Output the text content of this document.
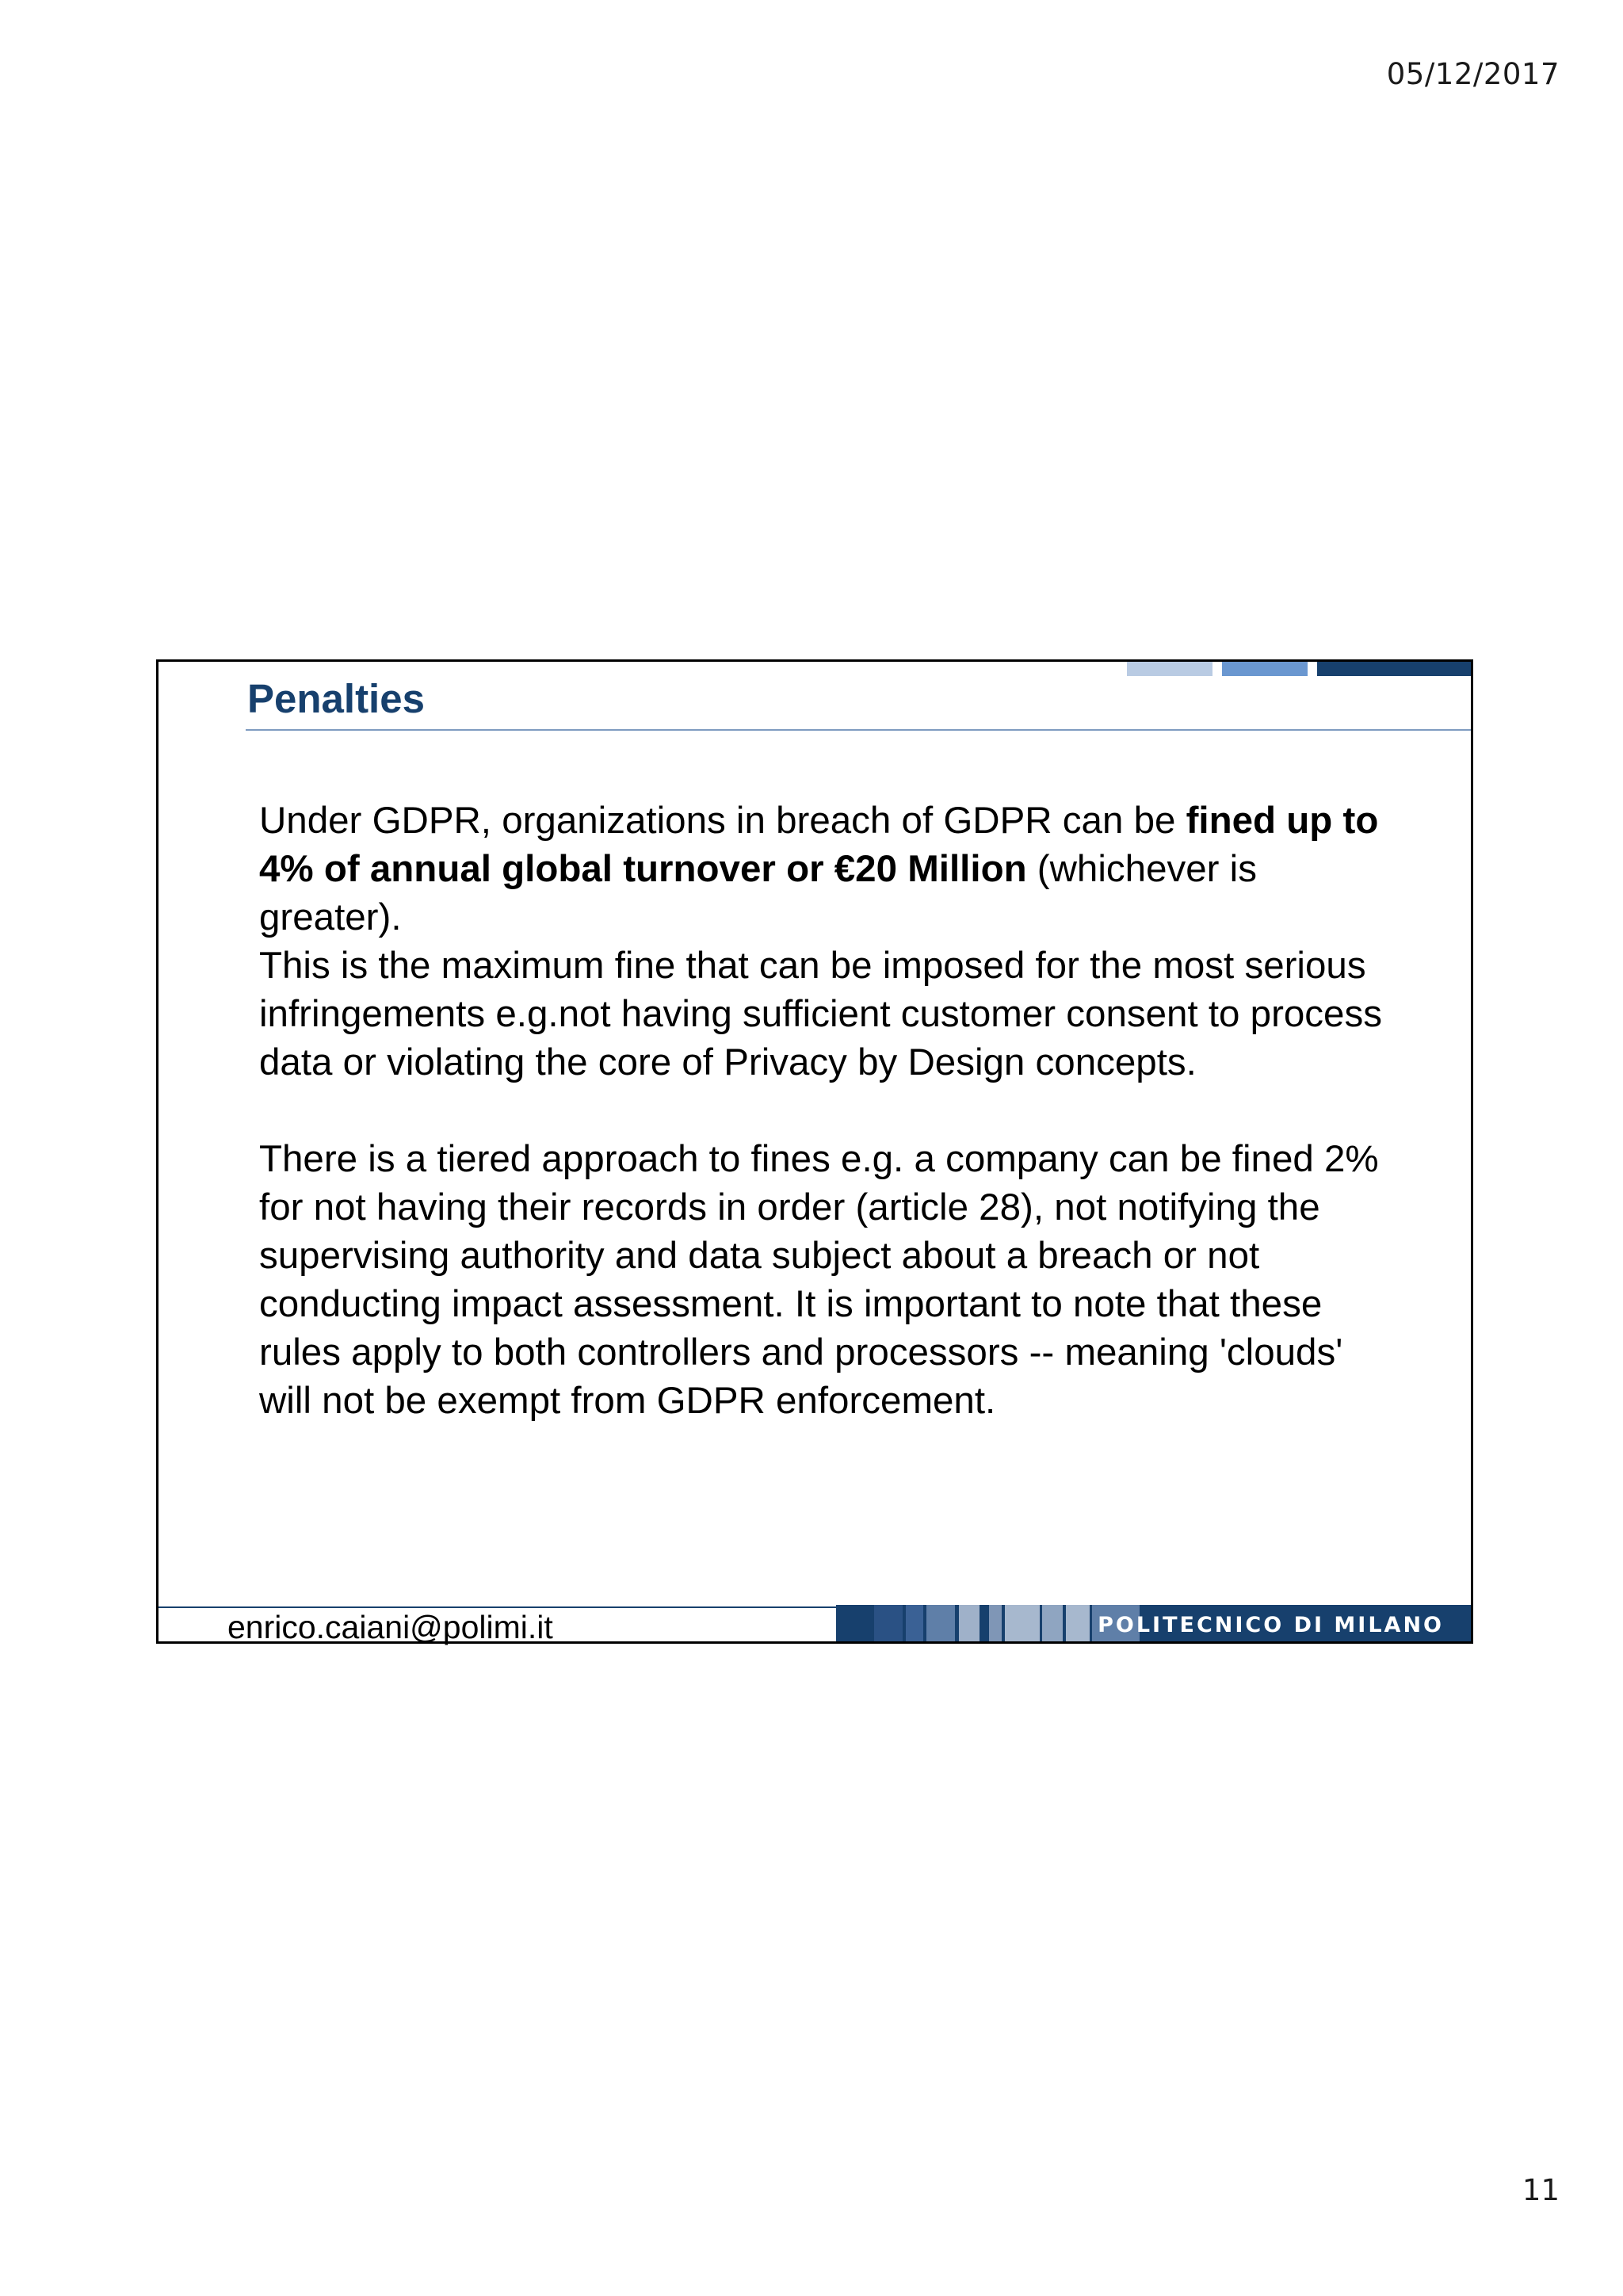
05/12/2017
Penalties

Under GDPR, organizations in breach of GDPR can be fined up to 4% of annual global turnover or €20 Million (whichever is greater).

This is the maximum fine that can be imposed for the most serious infringements e.g.not having sufficient customer consent to process data or violating the core of Privacy by Design concepts.

There is a tiered approach to fines e.g. a company can be fined 2% for not having their records in order (article 28), not notifying the supervising authority and data subject about a breach or not conducting impact assessment. It is important to note that these rules apply to both controllers and processors -- meaning 'clouds' will not be exempt from GDPR enforcement.

enrico.caiani@polimi.it	POLITECNICO DI MILANO
11
